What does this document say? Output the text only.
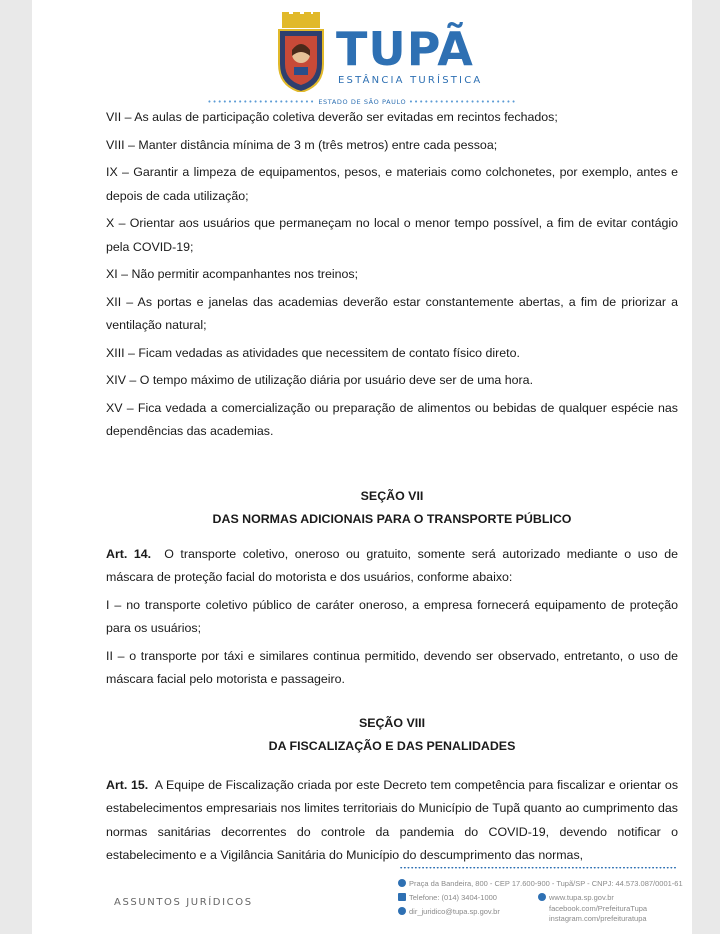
TUPÃ
ESTÂNCIA TURÍSTICA
••••••••••••••••••••• ESTADO DE SÃO PAULO •••••••••••••••••••••

VII – As aulas de participação coletiva deverão ser evitadas em recintos fechados;

VIII – Manter distância mínima de 3 m (três metros) entre cada pessoa;

IX – Garantir a limpeza de equipamentos, pesos, e materiais como colchonetes, por exemplo, antes e depois de cada utilização;

X – Orientar aos usuários que permaneçam no local o menor tempo possível, a fim de evitar contágio pela COVID-19;

XI – Não permitir acompanhantes nos treinos;

XII – As portas e janelas das academias deverão estar constantemente abertas, a fim de priorizar a ventilação natural;

XIII – Ficam vedadas as atividades que necessitem de contato físico direto.

XIV – O tempo máximo de utilização diária por usuário deve ser de uma hora.

XV – Fica vedada a comercialização ou preparação de alimentos ou bebidas de qualquer espécie nas dependências das academias.

SEÇÃO VII
DAS NORMAS ADICIONAIS PARA O TRANSPORTE PÚBLICO

Art. 14. O transporte coletivo, oneroso ou gratuito, somente será autorizado mediante o uso de máscara de proteção facial do motorista e dos usuários, conforme abaixo:

I – no transporte coletivo público de caráter oneroso, a empresa fornecerá equipamento de proteção para os usuários;

II – o transporte por táxi e similares continua permitido, devendo ser observado, entretanto, o uso de máscara facial pelo motorista e passageiro.

SEÇÃO VIII
DA FISCALIZAÇÃO E DAS PENALIDADES

Art. 15. A Equipe de Fiscalização criada por este Decreto tem competência para fiscalizar e orientar os estabelecimentos empresariais nos limites territoriais do Município de Tupã quanto ao cumprimento das normas sanitárias decorrentes do controle da pandemia do COVID-19, devendo notificar o estabelecimento e a Vigilância Sanitária do Município do descumprimento das normas,

••••••••••••••••••••••••••••••••••••••••••••••••••••••••••••••••••••••••••••
ASSUNTOS JURÍDICOS
Praça da Bandeira, 800 - CEP 17.600-900 - Tupã/SP - CNPJ: 44.573.087/0001-61
Telefone: (014) 3404-1000
dir_juridico@tupa.sp.gov.br
www.tupa.sp.gov.br
facebook.com/PrefeituraTupa
instagram.com/prefeituratupa
